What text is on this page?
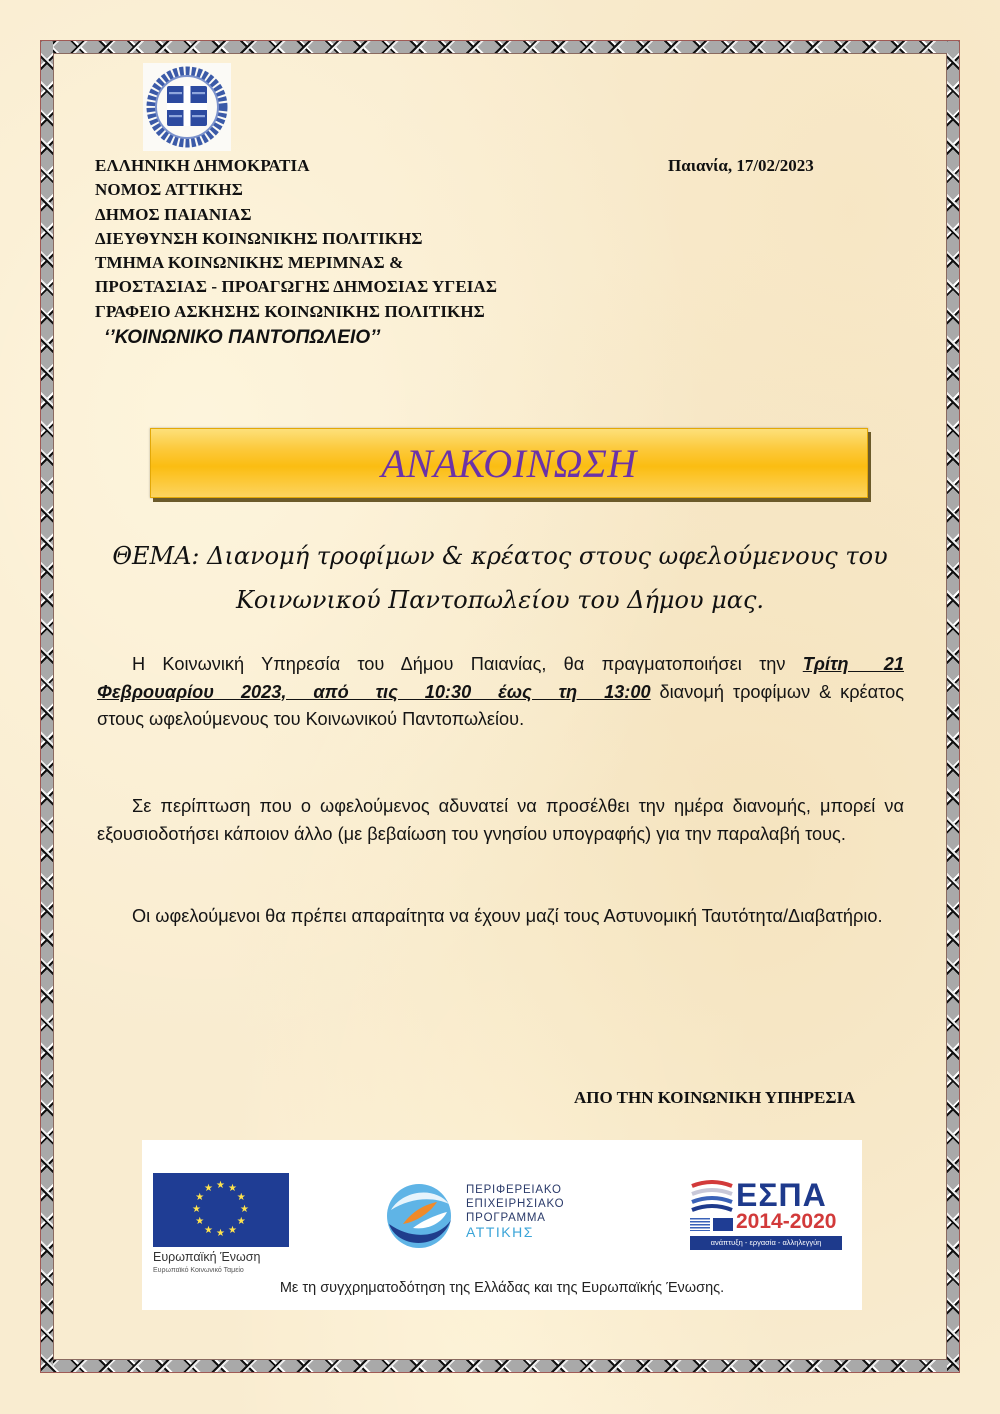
ΕΛΛΗΝΙΚΗ ΔΗΜΟΚΡΑΤΙΑ
ΝΟΜΟΣ ΑΤΤΙΚΗΣ
ΔΗΜΟΣ ΠΑΙΑΝΙΑΣ
ΔΙΕΥΘΥΝΣΗ ΚΟΙΝΩΝΙΚΗΣ ΠΟΛΙΤΙΚΗΣ
ΤΜΗΜΑ ΚΟΙΝΩΝΙΚΗΣ ΜΕΡΙΜΝΑΣ &
ΠΡΟΣΤΑΣΙΑΣ - ΠΡΟΑΓΩΓΗΣ ΔΗΜΟΣΙΑΣ ΥΓΕΙΑΣ
ΓΡΑΦΕΙΟ ΑΣΚΗΣΗΣ ΚΟΙΝΩΝΙΚΗΣ ΠΟΛΙΤΙΚΗΣ
‘’ΚΟΙΝΩΝΙΚΟ ΠΑΝΤΟΠΩΛΕΙΟ’’
Παιανία, 17/02/2023
ΑΝΑΚΟΙΝΩΣΗ
ΘΕΜΑ: Διανομή τροφίμων & κρέατος στους ωφελούμενους του
Κοινωνικού Παντοπωλείου του Δήμου μας.
Η Κοινωνική Υπηρεσία του Δήμου Παιανίας, θα πραγματοποιήσει την Τρίτη 21 Φεβρουαρίου 2023, από τις 10:30 έως τη 13:00 διανομή τροφίμων & κρέατος στους ωφελούμενους του Κοινωνικού Παντοπωλείου.
Σε περίπτωση που ο ωφελούμενος αδυνατεί να προσέλθει την ημέρα διανομής, μπορεί να εξουσιοδοτήσει κάποιον άλλο (με βεβαίωση του γνησίου υπογραφής) για την παραλαβή τους.
Οι ωφελούμενοι θα πρέπει απαραίτητα να έχουν μαζί τους Αστυνομική Ταυτότητα/Διαβατήριο.
ΑΠΟ ΤΗΝ ΚΟΙΝΩΝΙΚΗ ΥΠΗΡΕΣΙΑ
★ ★
★
★
★
★
★
★
★
★
★
★
Ευρωπαϊκή Ένωση
Ευρωπαϊκό Κοινωνικό Ταμείο
ΠΕΡΙΦΕΡΕΙΑΚΟ
ΕΠΙΧΕΙΡΗΣΙΑΚΟ
ΠΡΟΓΡΑΜΜΑ
ΑΤΤΙΚΗΣ
ΕΣΠΑ
2014-2020
ανάπτυξη - εργασία - αλληλεγγύη
Με τη συγχρηματοδότηση της Ελλάδας και της Ευρωπαϊκής Ένωσης.
